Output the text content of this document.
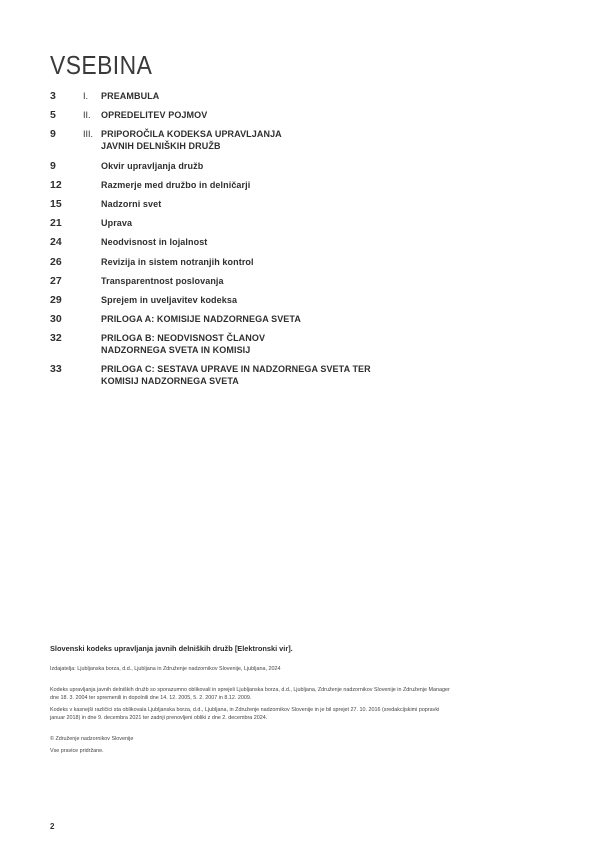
VSEBINA
3	I.	PREAMBULA
5	II.	OPREDELITEV POJMOV
9	III. PRIPOROČILA KODEKSA UPRAVLJANJA
JAVNIH DELNIŠKIH DRUŽB
9	Okvir upravljanja družb
12	Razmerje med družbo in delničarji
15	Nadzorni svet
21	Uprava
24	Neodvisnost in lojalnost
26	Revizija in sistem notranjih kontrol
27	Transparentnost poslovanja
29	Sprejem in uveljavitev kodeksa
30	PRILOGA A: KOMISIJE NADZORNEGA SVETA
32	PRILOGA B: NEODVISNOST ČLANOV
NADZORNEGA SVETA IN KOMISIJ
33	PRILOGA C: SESTAVA UPRAVE IN NADZORNEGA SVETA TER
KOMISIJ NADZORNEGA SVETA

Slovenski kodeks upravljanja javnih delniških družb [Elektronski vir].

Izdajatelja: Ljubljanska borza, d.d., Ljubljana in Združenje nadzornikov Slovenije, Ljubljana, 2024

Kodeks upravljanja javnih delniških družb so sporazumno oblikovali in sprejeli Ljubljanska borza, d.d., Ljubljana, Združenje nadzornikov Slovenije in Združenje Manager dne 18. 3. 2004 ter spremenili in dopolnili dne 14. 12. 2005, 5. 2. 2007 in 8.12. 2009.

Kodeks v kasnejši različici sta oblikovala Ljubljanska borza, d.d., Ljubljana, in Združenje nadzornikov Slovenije in je bil sprejet 27. 10. 2016 (sredakcijskimi popravki januar 2018) in dne 9. decembra 2021 ter zadnji prenovljeni obliki z dne 2. decembra 2024.

© Združenje nadzornikov Slovenije

Vse pravice pridržane.

2
